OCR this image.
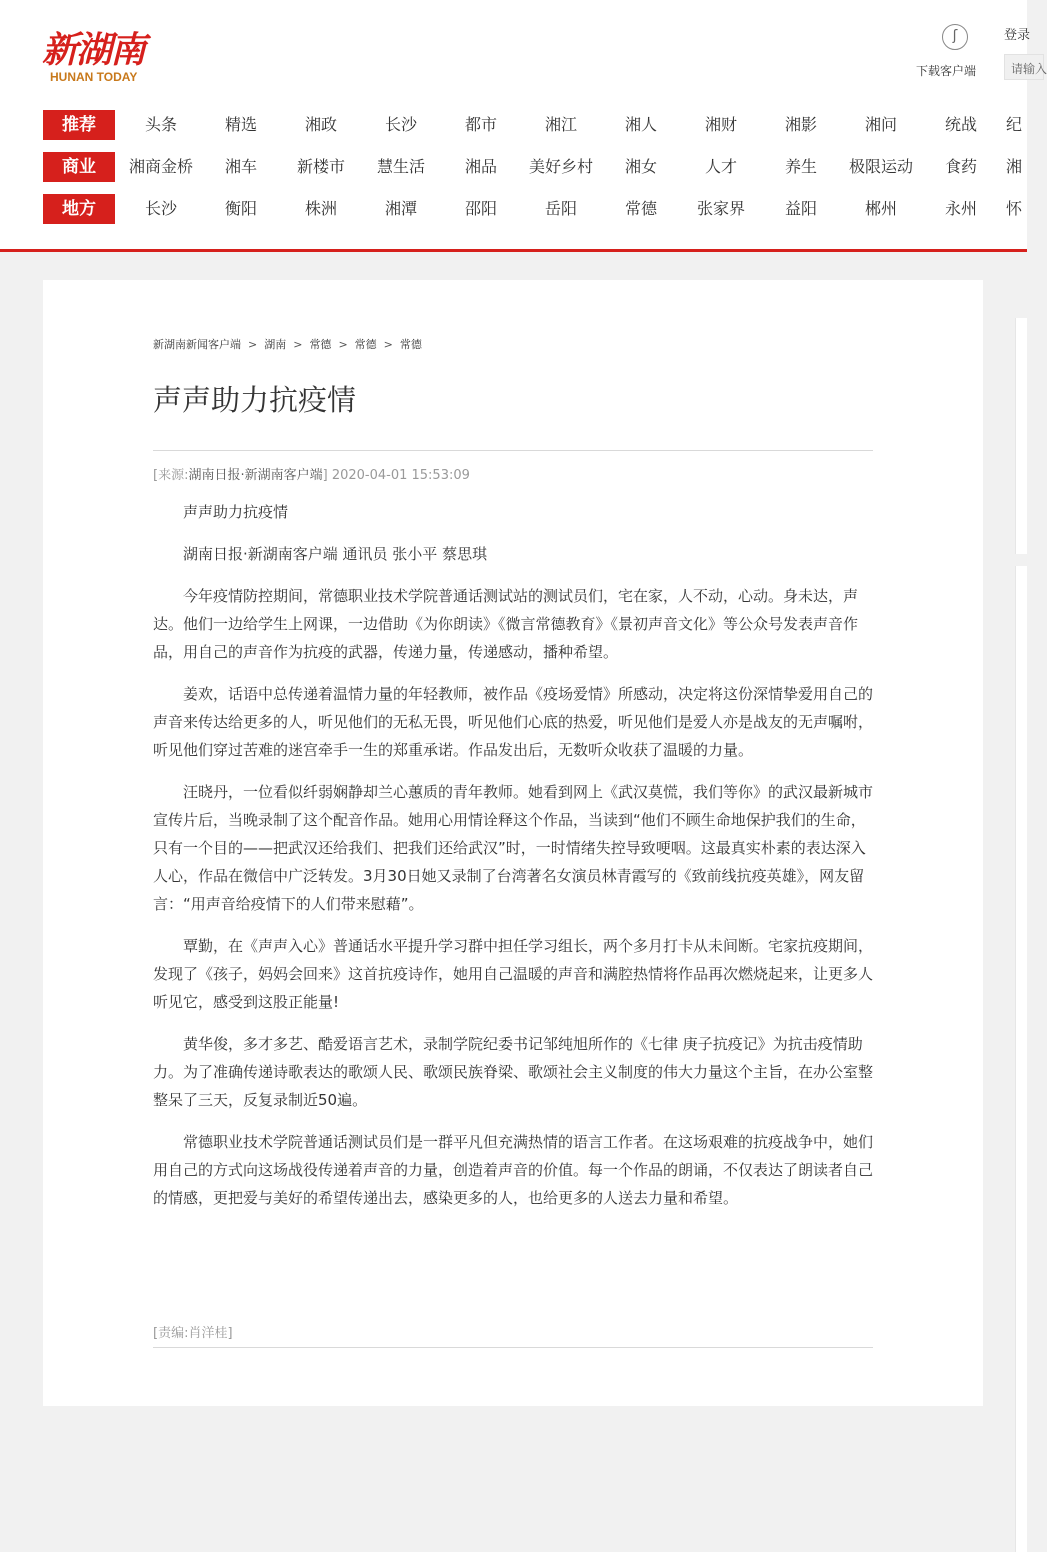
新湖南
HUNAN TODAY
ʃ
下载客户端
登录
请输入
推荐	头条	精选	湘政	长沙	都市	湘江	湘人	湘财	湘影	湘问	统战	纪
商业	湘商金桥	湘车	新楼市	慧生活	湘品	美好乡村	湘女	人才	养生	极限运动	食药	湘
地方	长沙	衡阳	株洲	湘潭	邵阳	岳阳	常德	张家界	益阳	郴州	永州	怀
新湖南新闻客户端 > 湖南 > 常德 > 常德 > 常德
声声助力抗疫情
[来源:湖南日报·新湖南客户端] 2020-04-01 15:53:09

声声助力抗疫情

湖南日报·新湖南客户端 通讯员 张小平 蔡思琪

今年疫情防控期间，常德职业技术学院普通话测试站的测试员们，宅在家，人不动，心动。身未达，声达。他们一边给学生上网课，一边借助《为你朗读》《微言常德教育》《景初声音文化》等公众号发表声音作品，用自己的声音作为抗疫的武器，传递力量，传递感动，播种希望。

姜欢，话语中总传递着温情力量的年轻教师，被作品《疫场爱情》所感动，决定将这份深情挚爱用自己的声音来传达给更多的人，听见他们的无私无畏，听见他们心底的热爱，听见他们是爱人亦是战友的无声嘱咐，听见他们穿过苦难的迷宫牵手一生的郑重承诺。作品发出后，无数听众收获了温暖的力量。

汪晓丹，一位看似纤弱娴静却兰心蕙质的青年教师。她看到网上《武汉莫慌，我们等你》的武汉最新城市宣传片后，当晚录制了这个配音作品。她用心用情诠释这个作品，当读到“他们不顾生命地保护我们的生命，只有一个目的——把武汉还给我们、把我们还给武汉”时，一时情绪失控导致哽咽。这最真实朴素的表达深入人心，作品在微信中广泛转发。3月30日她又录制了台湾著名女演员林青霞写的《致前线抗疫英雄》，网友留言：“用声音给疫情下的人们带来慰藉”。

覃勤，在《声声入心》普通话水平提升学习群中担任学习组长，两个多月打卡从未间断。宅家抗疫期间，发现了《孩子，妈妈会回来》这首抗疫诗作，她用自己温暖的声音和满腔热情将作品再次燃烧起来，让更多人听见它，感受到这股正能量!

黄华俊，多才多艺、酷爱语言艺术，录制学院纪委书记邹纯旭所作的《七律 庚子抗疫记》为抗击疫情助力。为了准确传递诗歌表达的歌颂人民、歌颂民族脊梁、歌颂社会主义制度的伟大力量这个主旨，在办公室整整呆了三天，反复录制近50遍。

常德职业技术学院普通话测试员们是一群平凡但充满热情的语言工作者。在这场艰难的抗疫战争中，她们用自己的方式向这场战役传递着声音的力量，创造着声音的价值。每一个作品的朗诵，不仅表达了朗读者自己的情感，更把爱与美好的希望传递出去，感染更多的人，也给更多的人送去力量和希望。

[责编:肖洋桂]
